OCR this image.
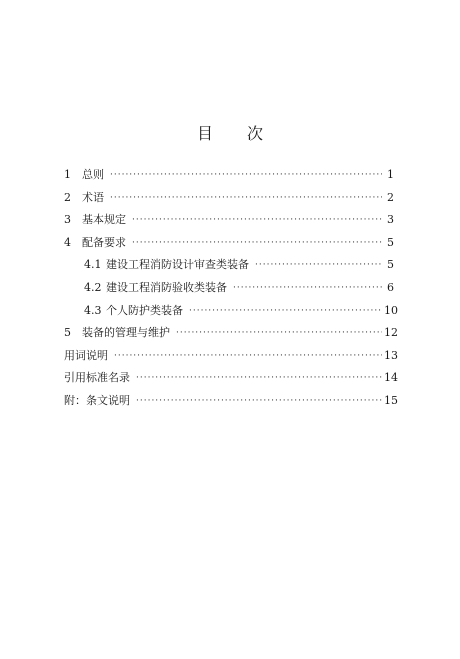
目 次
1	总则 ·····	1
2	术语 ·····	2
3	基本规定 ·····	3
4	配备要求 ·····	5
4.1 建设工程消防设计审查类装备 ·····	5
4.2 建设工程消防验收类装备 ·····	6
4.3 个人防护类装备 ·····	10
5	装备的管理与维护 ·····	12
用词说明 ·····	13
引用标准名录 ·····	14
附：条文说明 ·····	15
